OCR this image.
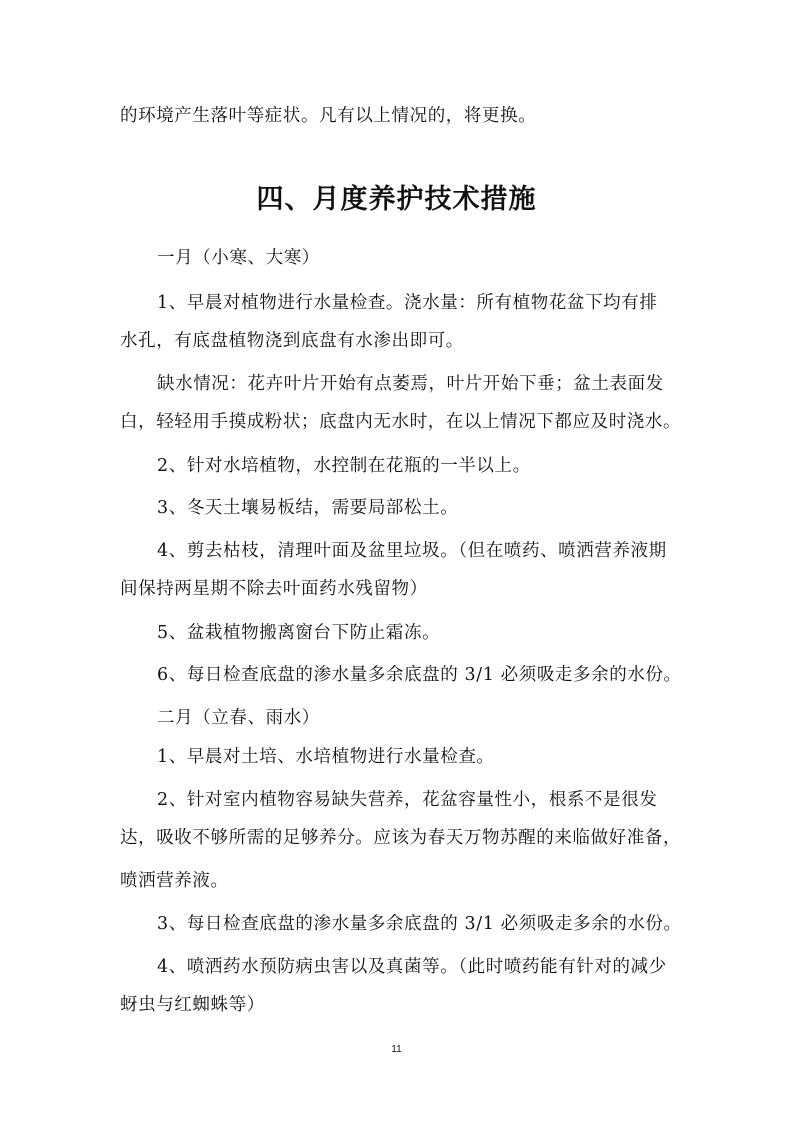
的环境产生落叶等症状。凡有以上情况的，将更换。
四、月度养护技术措施
一月（小寒、大寒）
1、早晨对植物进行水量检查。浇水量：所有植物花盆下均有排
水孔，有底盘植物浇到底盘有水渗出即可。
缺水情况：花卉叶片开始有点萎焉，叶片开始下垂；盆土表面发
白，轻轻用手摸成粉状；底盘内无水时，在以上情况下都应及时浇水。
2、针对水培植物，水控制在花瓶的一半以上。
3、冬天土壤易板结，需要局部松土。
4、剪去枯枝，清理叶面及盆里垃圾。（但在喷药、喷洒营养液期
间保持两星期不除去叶面药水残留物）
5、盆栽植物搬离窗台下防止霜冻。
6、每日检查底盘的渗水量多余底盘的 3/1 必须吸走多余的水份。
二月（立春、雨水）
1、早晨对土培、水培植物进行水量检查。
2、针对室内植物容易缺失营养，花盆容量性小，根系不是很发
达，吸收不够所需的足够养分。应该为春天万物苏醒的来临做好准备，
喷洒营养液。
3、每日检查底盘的渗水量多余底盘的 3/1 必须吸走多余的水份。
4、喷洒药水预防病虫害以及真菌等。（此时喷药能有针对的减少
蚜虫与红蜘蛛等）
11
